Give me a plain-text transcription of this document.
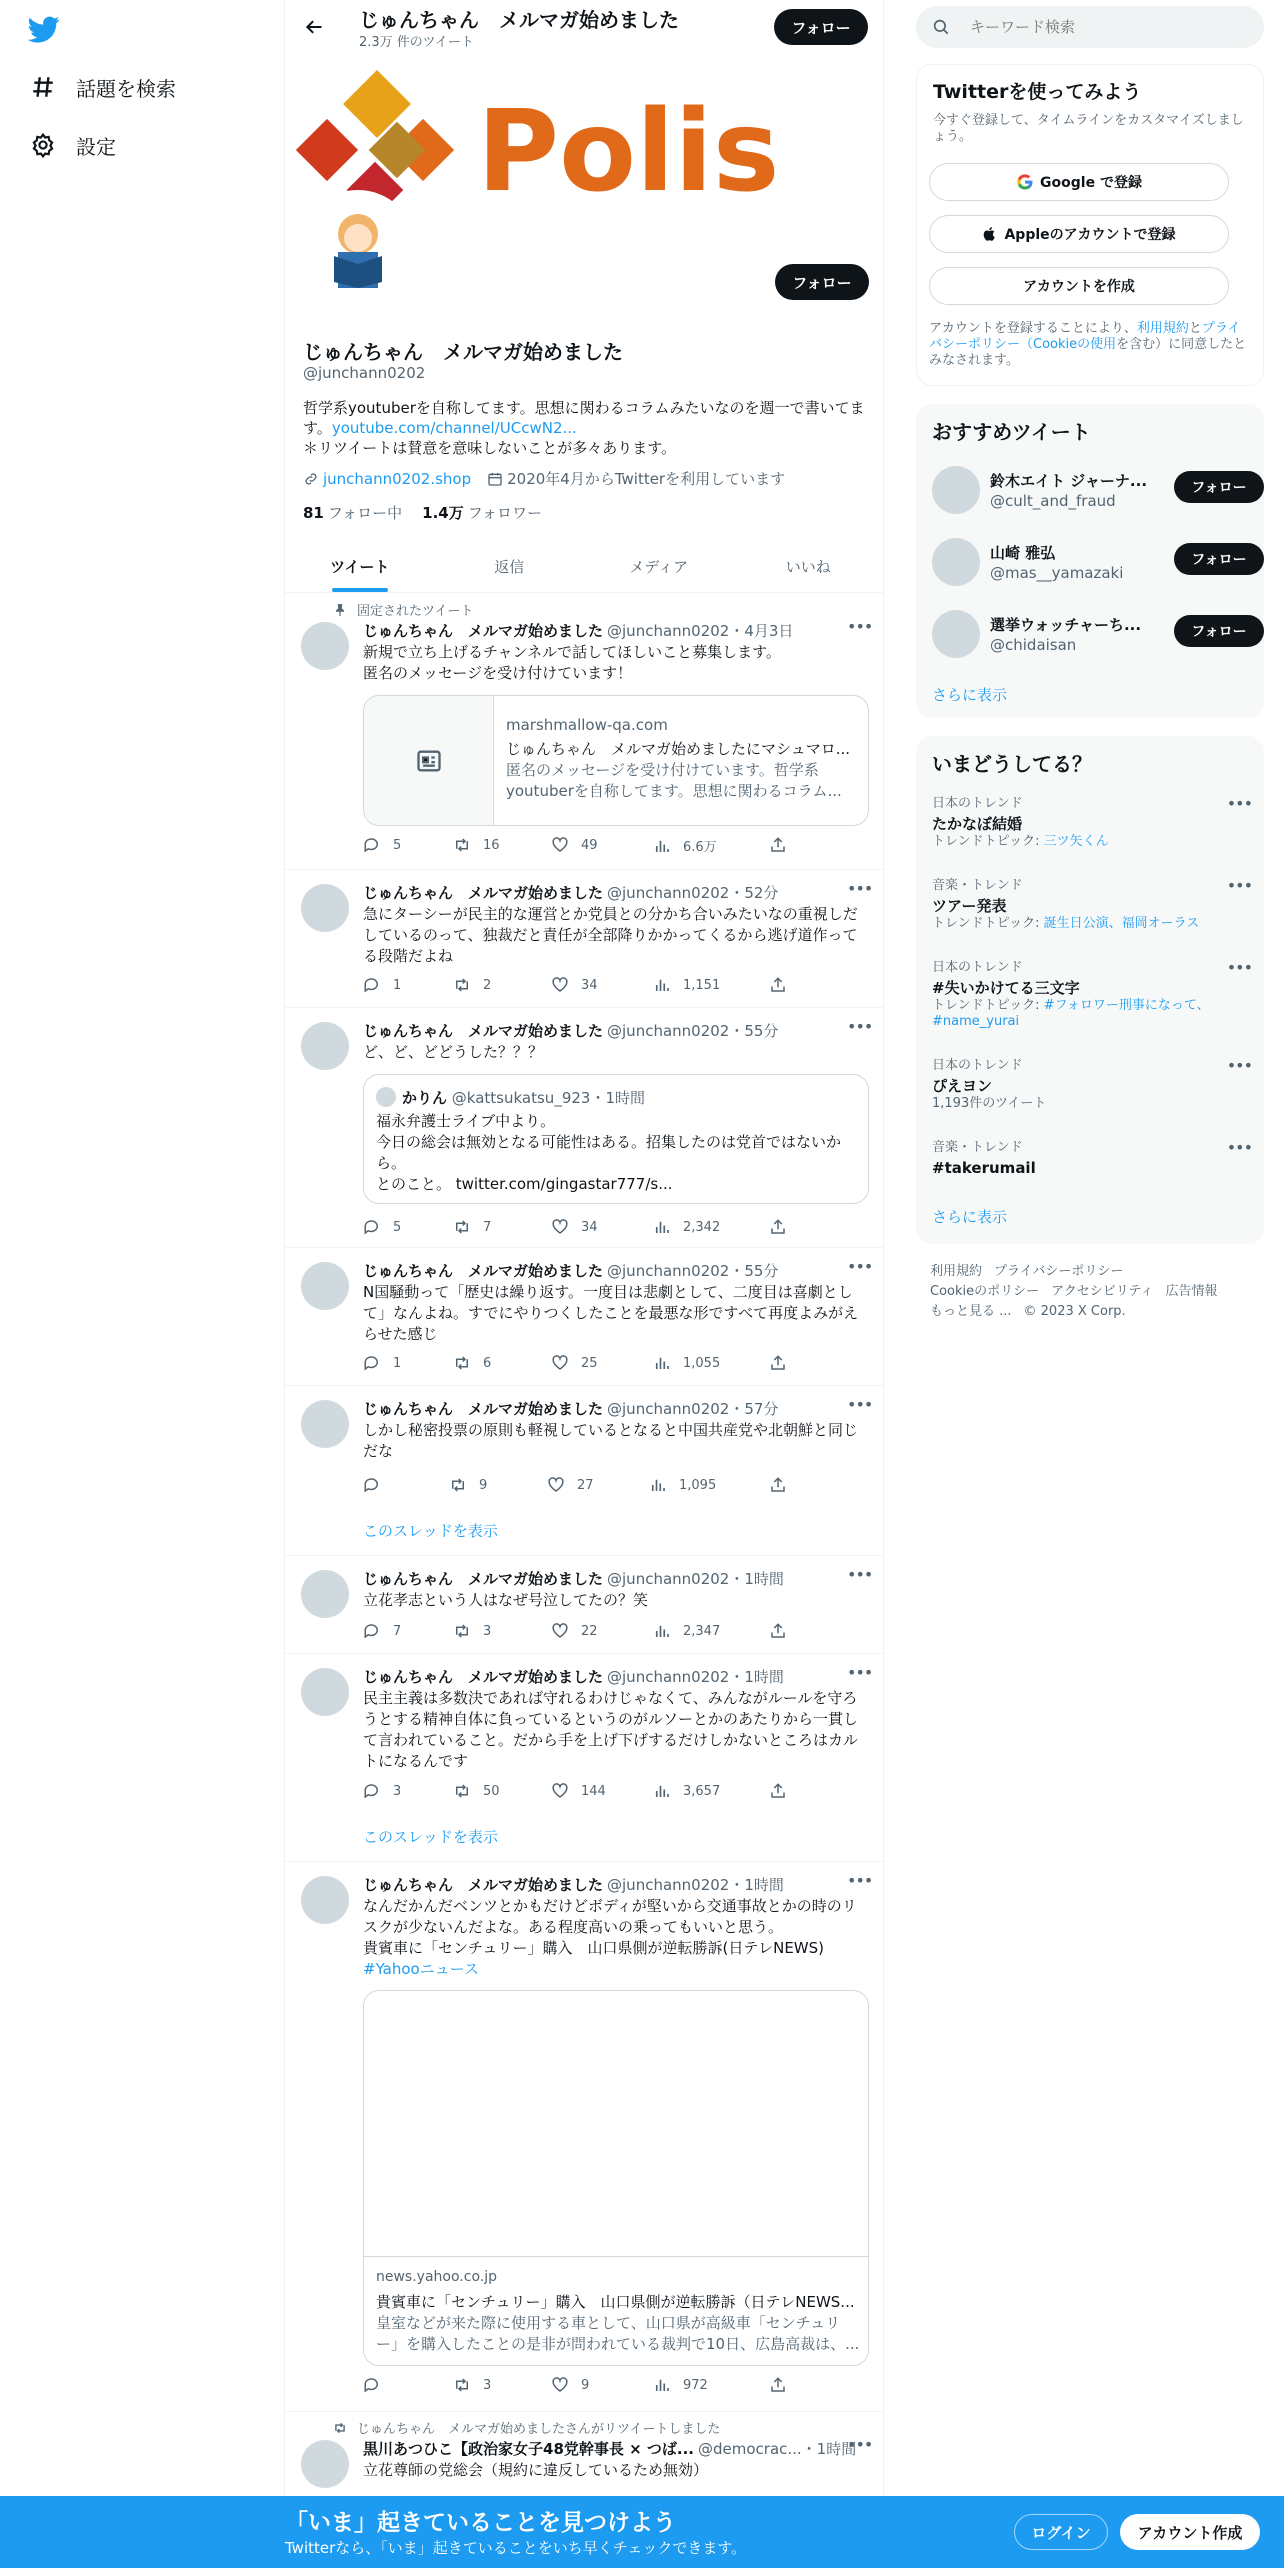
話題を検索
設定
じゅんちゃん　メルマガ始めました
2.3万 件のツイート
フォロー
Polis
フォロー
じゅんちゃん　メルマガ始めました
@junchann0202
哲学系youtuberを自称してます。思想に関わるコラムみたいなのを週一で書いてます。youtube.com/channel/UCcwN2...
＊リツイートは賛意を意味しないことが多々あります。
junchann0202.shop 2020年4月からTwitterを利用しています
81 フォロー中 1.4万 フォロワー
ツイート	返信	メディア	いいね
固定されたツイート
じゅんちゃん　メルマガ始めました @junchann0202・4月3日	•••
新規で立ち上げるチャンネルで話してほしいこと募集します。
匿名のメッセージを受け付けています！
marshmallow-qa.com
じゅんちゃん　メルマガ始めましたにマシュマロ...
匿名のメッセージを受け付けています。哲学系youtuberを自称してます。思想に関わるコラム...
5	16	49	6.6万
じゅんちゃん　メルマガ始めました @junchann0202・52分	•••
急にターシーが民主的な運営とか党員との分かち合いみたいなの重視しだしているのって、独裁だと責任が全部降りかかってくるから逃げ道作ってる段階だよね
1	2	34	1,151
じゅんちゃん　メルマガ始めました @junchann0202・55分	•••
ど、ど、どどうした？？？
かりん @kattsukatsu_923・1時間
福永弁護士ライブ中より。
今日の総会は無効となる可能性はある。招集したのは党首ではないから。
とのこと。 twitter.com/gingastar777/s...
5	7	34	2,342
じゅんちゃん　メルマガ始めました @junchann0202・55分	•••
N国騒動って「歴史は繰り返す。一度目は悲劇として、二度目は喜劇として」なんよね。すでにやりつくしたことを最悪な形ですべて再度よみがえらせた感じ
1	6	25	1,055
じゅんちゃん　メルマガ始めました @junchann0202・57分	•••
しかし秘密投票の原則も軽視しているとなると中国共産党や北朝鮮と同じだな
9	27	1,095
このスレッドを表示
じゅんちゃん　メルマガ始めました @junchann0202・1時間	•••
立花孝志という人はなぜ号泣してたの？笑
7	3	22	2,347
じゅんちゃん　メルマガ始めました @junchann0202・1時間	•••
民主主義は多数決であれば守れるわけじゃなくて、みんながルールを守ろうとする精神自体に負っているというのがルソーとかのあたりから一貫して言われていること。だから手を上げ下げするだけしかないところはカルトになるんです
3	50	144	3,657
このスレッドを表示
じゅんちゃん　メルマガ始めました @junchann0202・1時間	•••
なんだかんだベンツとかもだけどボディが堅いから交通事故とかの時のリスクが少ないんだよな。ある程度高いの乗ってもいいと思う。
貴賓車に「センチュリー」購入　山口県側が逆転勝訴(日テレNEWS)
#Yahooニュース
news.yahoo.co.jp
貴賓車に「センチュリー」購入　山口県側が逆転勝訴（日テレNEWS...
皇室などが来た際に使用する車として、山口県が高級車「センチュリー」を購入したことの是非が問われている裁判で10日、広島高裁は、...
3	9	972
じゅんちゃん　メルマガ始めましたさんがリツイートしました
黒川あつひこ【政治家女子48党幹事長 × つば... @democrac...・1時間
•••
立花尊師の党総会（規約に違反しているため無効）
キーワード検索
Twitterを使ってみよう
今すぐ登録して、タイムラインをカスタマイズしましょう。
Google で登録
Appleのアカウントで登録
アカウントを作成
アカウントを登録することにより、利用規約とプライバシーポリシー（Cookieの使用を含む）に同意したとみなされます。
おすすめツイート
鈴木エイト ジャーナ...
@cult_and_fraud
フォロー
山崎 雅弘
@mas__yamazaki
フォロー
選挙ウォッチャーち...
@chidaisan
フォロー
さらに表示
いまどうしてる？
日本のトレンド
たかなぼ結婚
トレンドトピック: 三ツ矢くん
•••
音楽・トレンド
ツアー発表
トレンドトピック: 誕生日公演、福岡オーラス
•••
日本のトレンド
#失いかけてる三文字
トレンドトピック: #フォロワー刑事になって、#name_yurai
•••
日本のトレンド
ぴえヨン
1,193件のツイート
•••
音楽・トレンド
#takerumail
•••
さらに表示
利用規約 プライバシーポリシー
Cookieのポリシー アクセシビリティ 広告情報
もっと見る ... © 2023 X Corp.
「いま」起きていることを見つけよう
Twitterなら、「いま」起きていることをいち早くチェックできます。
ログイン	アカウント作成
